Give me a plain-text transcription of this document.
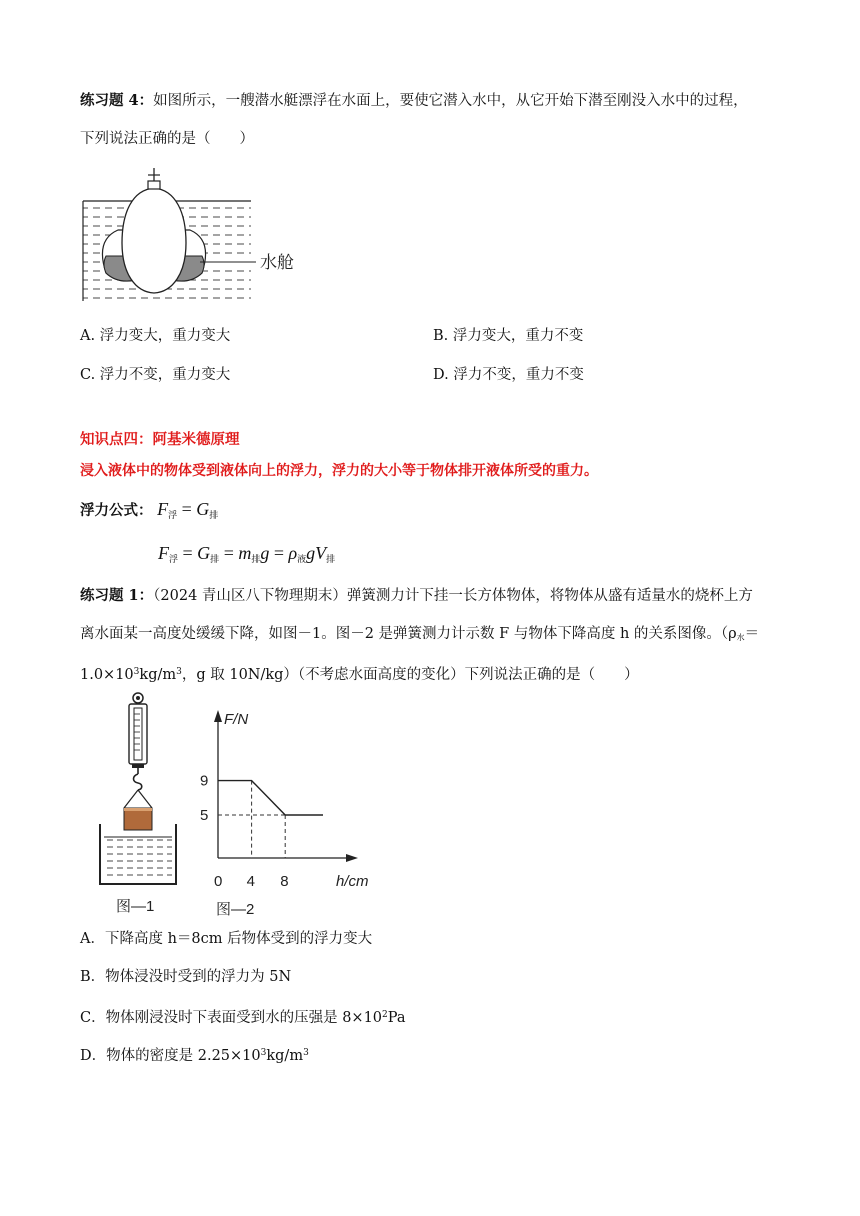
练习题 4：如图所示，一艘潜水艇漂浮在水面上，要使它潜入水中，从它开始下潜至刚没入水中的过程，
下列说法正确的是（　　）
水舱
A. 浮力变大，重力变大	B. 浮力变大，重力不变
C. 浮力不变，重力变大	D. 浮力不变，重力不变
知识点四：阿基米德原理
浸入液体中的物体受到液体向上的浮力，浮力的大小等于物体排开液体所受的重力。
浮力公式： $F_浮 = G_排$
$F_浮 = G_排 = m_排g = \rho_液gV_排$
练习题 1：（2024 青山区八下物理期末）弹簧测力计下挂一长方体物体，将物体从盛有适量水的烧杯上方
离水面某一高度处缓缓下降，如图－1。图－2 是弹簧测力计示数 F 与物体下降高度 h 的关系图像。（ρ水＝
$1.0\times 10^3kg/m^3$，g 取 10N/kg）（不考虑水面高度的变化）下列说法正确的是（　　）
图—1
F/N
h/cm
0 4 8
9
5
图—2
A．下降高度 h＝8cm 后物体受到的浮力变大
B．物体浸没时受到的浮力为 5N
C．物体刚浸没时下表面受到水的压强是 $8\times 10^2Pa$
D．物体的密度是 $2.25\times 10^3kg/m^3$
